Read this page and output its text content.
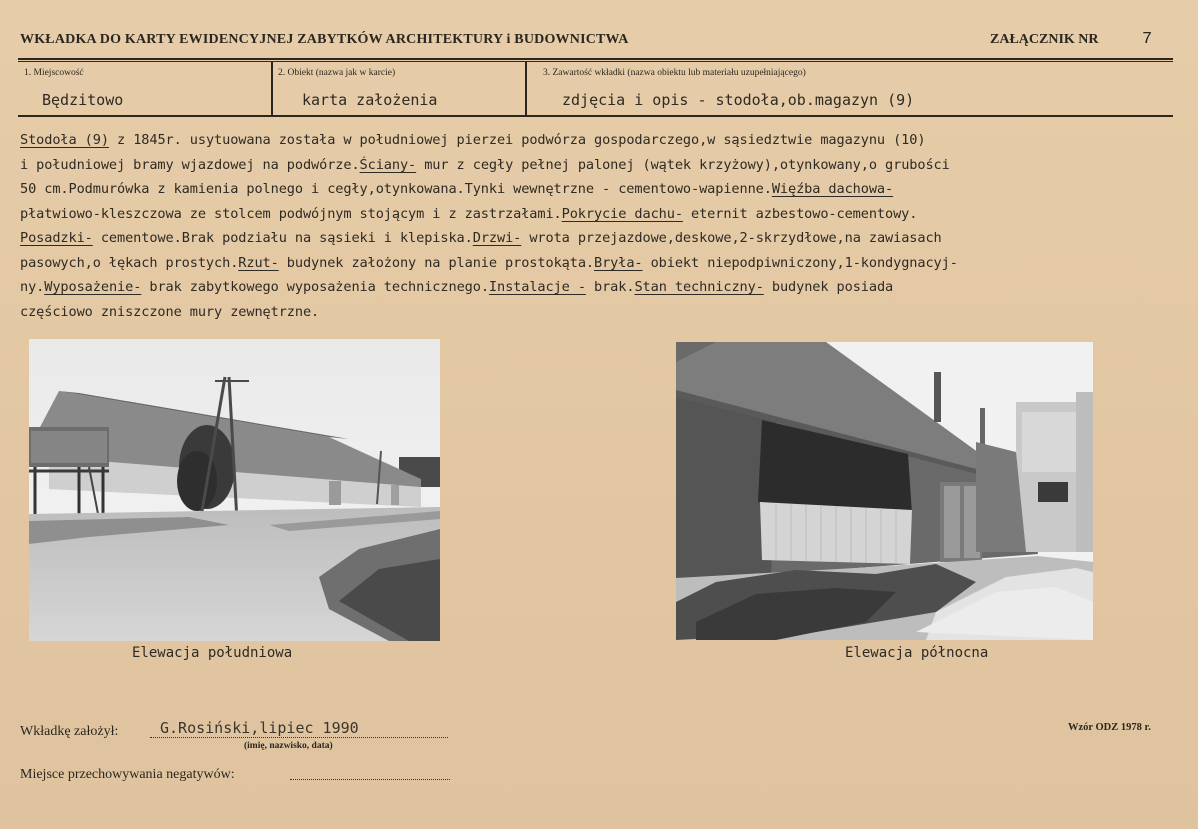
WKŁADKA DO KARTY EWIDENCYJNEJ ZABYTKÓW ARCHITEKTURY i BUDOWNICTWA	ZAŁĄCZNIK NR	7
1. Miejscowość
Będzitowo
2. Obiekt (nazwa jak w karcie)
karta założenia
3. Zawartość wkładki (nazwa obiektu lub materiału uzupełniającego)
zdjęcia i opis - stodoła,ob.magazyn (9)
Stodoła (9) z 1845r. usytuowana została w południowej pierzei podwórza gospodarczego,w sąsiedztwie magazynu (10)
i południowej bramy wjazdowej na podwórze.Ściany- mur z cegły pełnej palonej (wątek krzyżowy),otynkowany,o grubości
50 cm.Podmurówka z kamienia polnego i cegły,otynkowana.Tynki wewnętrzne - cementowo-wapienne.Więźba dachowa-
płatwiowo-kleszczowa ze stolcem podwójnym stojącym i z zastrzałami.Pokrycie dachu- eternit azbestowo-cementowy.
Posadzki- cementowe.Brak podziału na sąsieki i klepiska.Drzwi- wrota przejazdowe,deskowe,2-skrzydłowe,na zawiasach
pasowych,o łękach prostych.Rzut- budynek założony na planie prostokąta.Bryła- obiekt niepodpiwniczony,1-kondygnacyj-
ny.Wyposażenie- brak zabytkowego wyposażenia technicznego.Instalacje - brak.Stan techniczny- budynek posiada
częściowo zniszczone mury zewnętrzne.
Elewacja południowa	Elewacja północna
Wkładkę założył:	G.Rosiński,lipiec 1990
(imię, nazwisko, data)
Wzór ODZ 1978 r.
Miejsce przechowywania negatywów:
